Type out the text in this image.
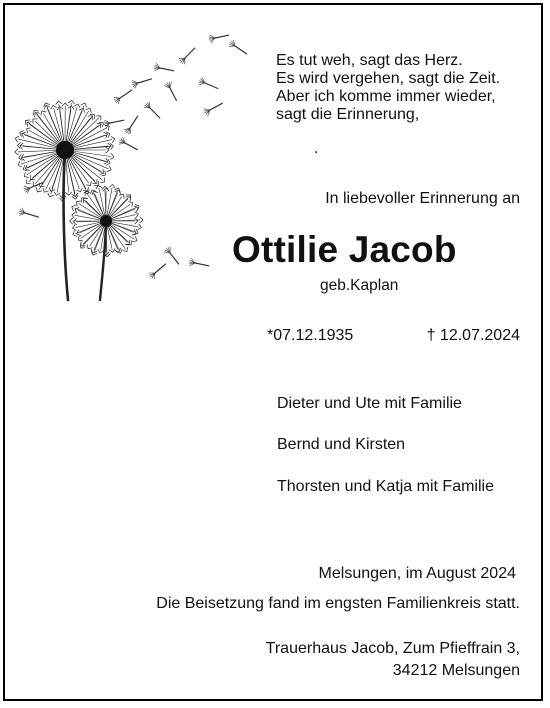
Es tut weh, sagt das Herz.
Es wird vergehen, sagt die Zeit.
Aber ich komme immer wieder,
sagt die Erinnerung,
.
In liebevoller Erinnerung an
Ottilie Jacob
geb.Kaplan
*07.12.1935	† 12.07.2024
Dieter und Ute mit Familie
Bernd und Kirsten
Thorsten und Katja mit Familie
Melsungen, im August 2024
Die Beisetzung fand im engsten Familienkreis statt.
Trauerhaus Jacob, Zum Pfieffrain 3,
34212 Melsungen
